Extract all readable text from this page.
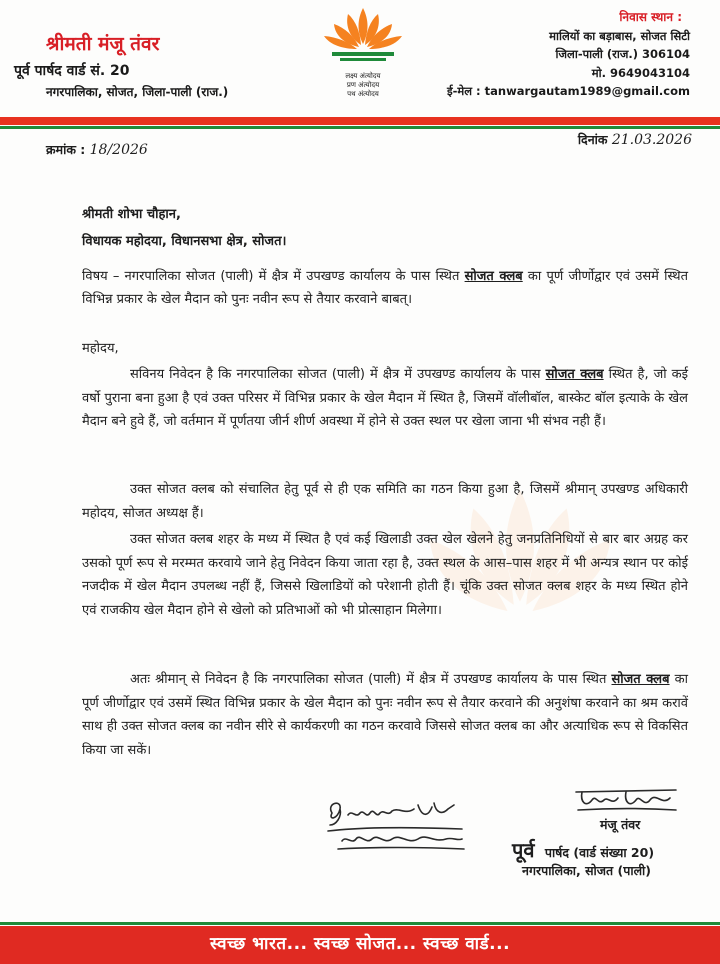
श्रीमती मंजू तंवर
पूर्व पार्षद वार्ड सं. 20
नगरपालिका, सोजत, जिला-पाली (राज.)
लक्ष्य अंत्योदय
प्रण अंत्योदय
पथ अंत्योदय
निवास स्थान :
मालियों का बड़ाबास, सोजत सिटी
जिला-पाली (राज.) 306104
मो. 9649043104
ई-मेल : tanwargautam1989@gmail.com
क्रमांक : 18/2026
दिनांक 21.03.2026
श्रीमती शोभा चौहान,
विधायक महोदया, विधानसभा क्षेत्र, सोजत।
विषय – नगरपालिका सोजत (पाली) में क्षैत्र में उपखण्ड कार्यालय के पास स्थित सोजत क्लब का पूर्ण जीर्णोद्वार एवं उसमें स्थित विभिन्न प्रकार के खेल मैदान को पुनः नवीन रूप से तैयार करवाने बाबत्।
महोदय,
सविनय निवेदन है कि नगरपालिका सोजत (पाली) में क्षैत्र में उपखण्ड कार्यालय के पास सोजत क्लब स्थित है, जो कई वर्षो पुराना बना हुआ है एवं उक्त परिसर में विभिन्न प्रकार के खेल मैदान में स्थित है, जिसमें वॉलीबॉल, बास्केट बॉल इत्याके के खेल मैदान बने हुवे हैं, जो वर्तमान में पूर्णतया जीर्न शीर्ण अवस्था में होने से उक्त स्थल पर खेला जाना भी संभव नही हैं।
उक्त सोजत क्लब को संचालित हेतु पूर्व से ही एक समिति का गठन किया हुआ है, जिसमें श्रीमान् उपखण्ड अधिकारी महोदय, सोजत अध्यक्ष हैं।
उक्त सोजत क्लब शहर के मध्य में स्थित है एवं कई खिलाडी उक्त खेल खेलने हेतु जनप्रतिनिधियों से बार बार अग्रह कर उसको पूर्ण रूप से मरम्मत करवाये जाने हेतु निवेदन किया जाता रहा है, उक्त स्थल के आस–पास शहर में भी अन्यत्र स्थान पर कोई नजदीक में खेल मैदान उपलब्ध नहीं हैं, जिससे खिलाडियों को परेशानी होती हैं। चूंकि उक्त सोजत क्लब शहर के मध्य स्थित होने एवं राजकीय खेल मैदान होने से खेलो को प्रतिभाओं को भी प्रोत्साहान मिलेगा।
अतः श्रीमान् से निवेदन है कि नगरपालिका सोजत (पाली) में क्षैत्र में उपखण्ड कार्यालय के पास स्थित सोजत क्लब का पूर्ण जीर्णोद्वार एवं उसमें स्थित विभिन्न प्रकार के खेल मैदान को पुनः नवीन रूप से तैयार करवाने की अनुशंषा करवाने का श्रम करावें साथ ही उक्त सोजत क्लब का नवीन सीरे से कार्यकरणी का गठन करवावे जिससे सोजत क्लब का और अत्याधिक रूप से विकसित किया जा सकें।
मंजू तंवर
पूर्व पार्षद (वार्ड संख्या 20)
नगरपालिका, सोजत (पाली)
स्वच्छ भारत... स्वच्छ सोजत... स्वच्छ वार्ड...
